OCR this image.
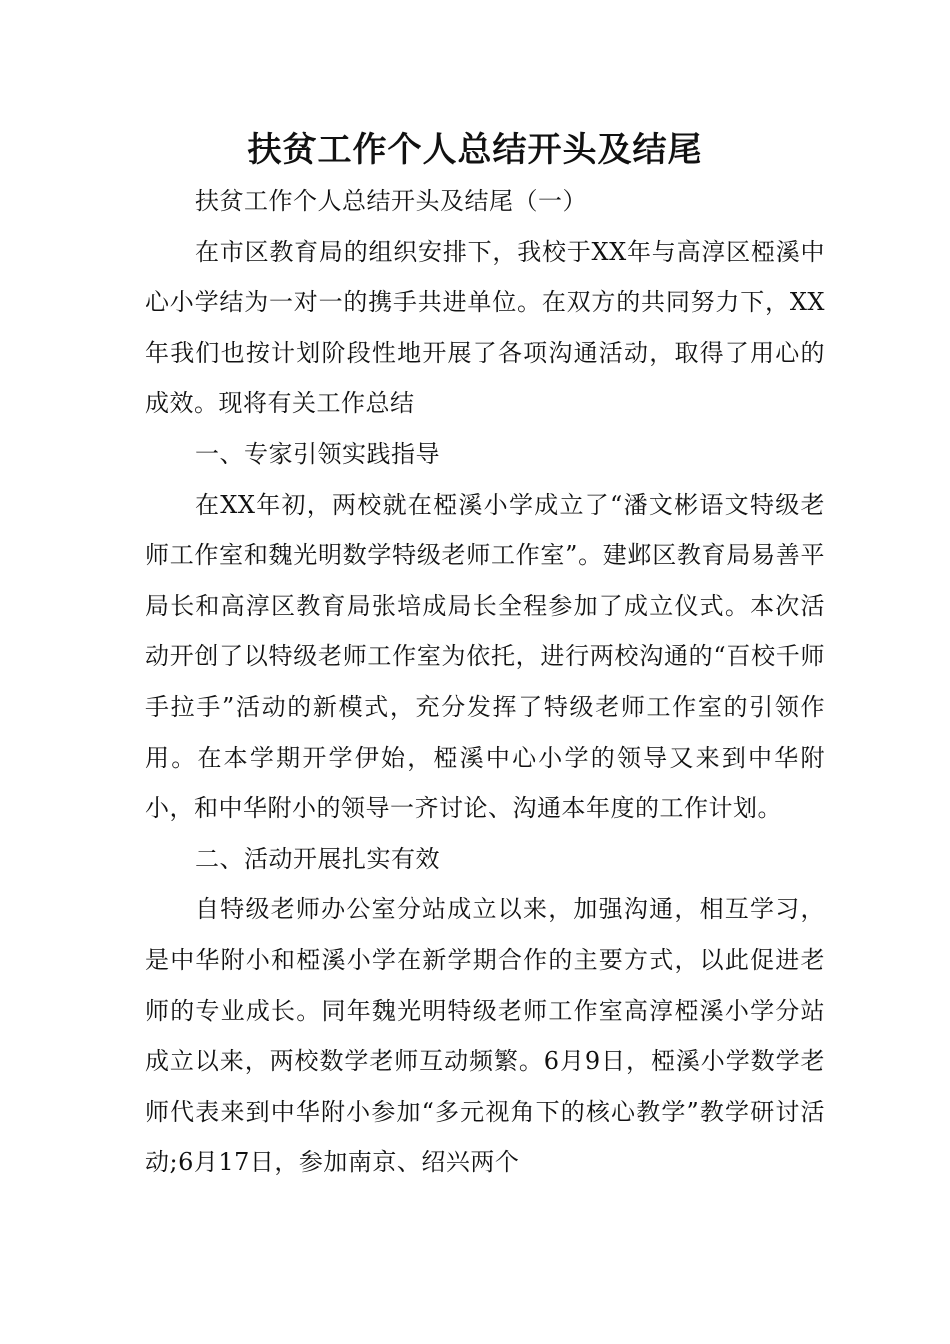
扶贫工作个人总结开头及结尾

扶贫工作个人总结开头及结尾（一）

在市区教育局的组织安排下，我校于XX年与高淳区椏溪中心小学结为一对一的携手共进单位。在双方的共同努力下，XX年我们也按计划阶段性地开展了各项沟通活动，取得了用心的成效。现将有关工作总结

一、专家引领实践指导

在XX年初，两校就在椏溪小学成立了“潘文彬语文特级老师工作室和魏光明数学特级老师工作室”。建邺区教育局易善平局长和高淳区教育局张培成局长全程参加了成立仪式。本次活动开创了以特级老师工作室为依托，进行两校沟通的“百校千师手拉手”活动的新模式，充分发挥了特级老师工作室的引领作用。在本学期开学伊始，椏溪中心小学的领导又来到中华附小，和中华附小的领导一齐讨论、沟通本年度的工作计划。

二、活动开展扎实有效

自特级老师办公室分站成立以来，加强沟通，相互学习，是中华附小和椏溪小学在新学期合作的主要方式，以此促进老师的专业成长。同年魏光明特级老师工作室高淳椏溪小学分站成立以来，两校数学老师互动频繁。6月9日，椏溪小学数学老师代表来到中华附小参加“多元视角下的核心教学”教学研讨活动;6月17日，参加南京、绍兴两个
